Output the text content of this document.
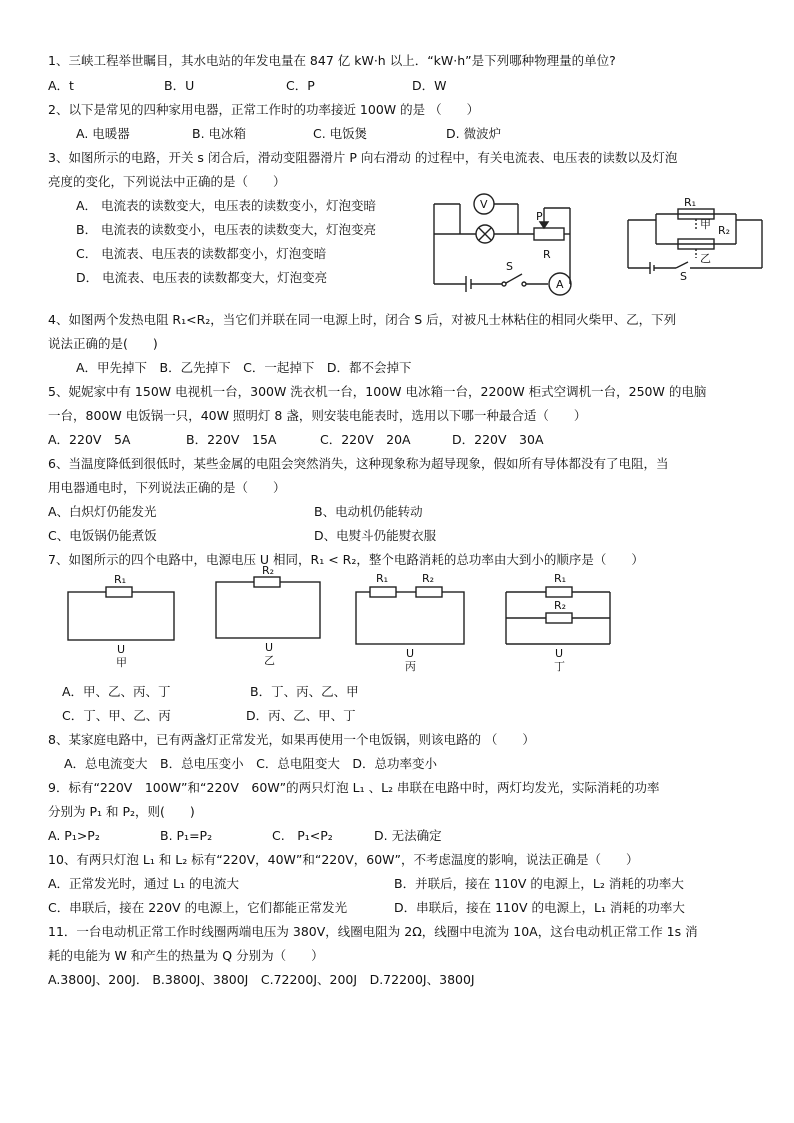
1、三峡工程举世瞩目，其水电站的年发电量在 847 亿 kW·h 以上．“kW·h”是下列哪种物理量的单位?
A．t	B．U	C．P	D．W
2、以下是常见的四种家用电器，正常工作时的功率接近 100W 的是 （　　）
A. 电暖器	B. 电冰箱	C. 电饭煲	D. 微波炉
3、如图所示的电路，开关 s 闭合后，滑动变阻器滑片 P 向右滑动 的过程中，有关电流表、电压表的读数以及灯泡
亮度的变化，下列说法中正确的是（　　）
A． 电流表的读数变大，电压表的读数变小，灯泡变暗
B． 电流表的读数变小，电压表的读数变大，灯泡变亮
C． 电流表、电压表的读数都变小，灯泡变暗
D． 电流表、电压表的读数都变大，灯泡变亮
V
P
R
S
A
R₁
R₂
甲
乙
S
4、如图两个发热电阻 R₁<R₂，当它们并联在同一电源上时，闭合 S 后，对被凡士林粘住的相同火柴甲、乙，下列
说法正确的是(　　)
A．甲先掉下　B．乙先掉下　C．一起掉下　D．都不会掉下
5、妮妮家中有 150W 电视机一台，300W 洗衣机一台，100W 电冰箱一台，2200W 柜式空调机一台，250W 的电脑
一台，800W 电饭锅一只，40W 照明灯 8 盏，则安装电能表时，选用以下哪一种最合适（　　）
A．220V　5A	B．220V　15A	C．220V　20A	D．220V　30A
6、当温度降低到很低时，某些金属的电阻会突然消失，这种现象称为超导现象，假如所有导体都没有了电阻，当
用电器通电时，下列说法正确的是（　　）
A、白炽灯仍能发光	B、电动机仍能转动
C、电饭锅仍能煮饭	D、电熨斗仍能熨衣服
7、如图所示的四个电路中，电源电压 U 相同，R₁ < R₂，整个电路消耗的总功率由大到小的顺序是（　　）
R₁
U
甲
R₂
U
乙
R₁	R₂
U
丙
R₁
R₂
U
丁
A．甲、乙、丙、丁	B．丁、丙、乙、甲
C．丁、甲、乙、丙	D．丙、乙、甲、丁
8、某家庭电路中，已有两盏灯正常发光，如果再使用一个电饭锅，则该电路的 （　　）
A．总电流变大　B．总电压变小　C．总电阻变大　D．总功率变小
9．标有“220V　100W”和“220V　60W”的两只灯泡 L₁ 、L₂ 串联在电路中时，两灯均发光，实际消耗的功率
分别为 P₁ 和 P₂，则(　　)
A. P₁>P₂	B. P₁=P₂	C.　P₁<P₂	D. 无法确定
10、有两只灯泡 L₁ 和 L₂ 标有“220V，40W”和“220V，60W”，不考虑温度的影响，说法正确是（　　）
A．正常发光时，通过 L₁ 的电流大	B．并联后，接在 110V 的电源上，L₂ 消耗的功率大
C．串联后，接在 220V 的电源上，它们都能正常发光	D．串联后，接在 110V 的电源上，L₁ 消耗的功率大
11．一台电动机正常工作时线圈两端电压为 380V，线圈电阻为 2Ω，线圈中电流为 10A，这台电动机正常工作 1s 消
耗的电能为 W 和产生的热量为 Q 分别为（　　）
A.3800J、200J． B.3800J、3800J　C.72200J、200J　D.72200J、3800J
